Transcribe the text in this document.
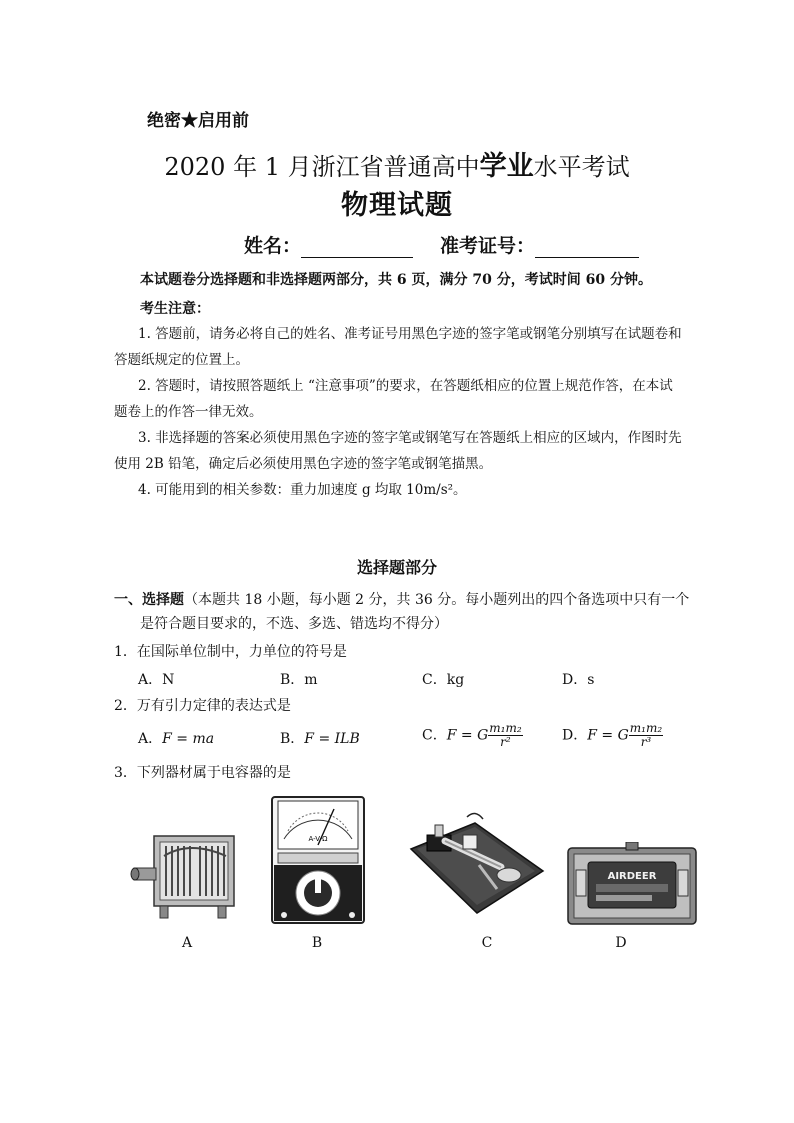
绝密★启用前
2020 年 1 月浙江省普通高中学业水平考试
物理试题
姓名：	准考证号：
本试题卷分选择题和非选择题两部分，共 6 页，满分 70 分，考试时间 60 分钟。
考生注意：

1. 答题前，请务必将自己的姓名、准考证号用黑色字迹的签字笔或钢笔分别填写在试题卷和答题纸规定的位置上。

2. 答题时，请按照答题纸上 “注意事项”的要求，在答题纸相应的位置上规范作答，在本试题卷上的作答一律无效。

3. 非选择题的答案必须使用黑色字迹的签字笔或钢笔写在答题纸上相应的区域内，作图时先使用 2B 铅笔，确定后必须使用黑色字迹的签字笔或钢笔描黑。

4. 可能用到的相关参数：重力加速度 g 均取 10m/s²。

选择题部分
一、选择题（本题共 18 小题，每小题 2 分，共 36 分。每小题列出的四个备选项中只有一个
是符合题目要求的，不选、多选、错选均不得分）
1．在国际单位制中，力单位的符号是
A．N	B．m	C．kg	D．s
2．万有引力定律的表达式是
A．F = ma	B．F = ILB	C．F = G $\frac{\text{m₁m₂}}{\text{r²}}$	D．F = G $\frac{\text{m₁m₂}}{\text{r³}}$
3．下列器材属于电容器的是
A-V-Ω
AIRDEER
A	B	C	D
